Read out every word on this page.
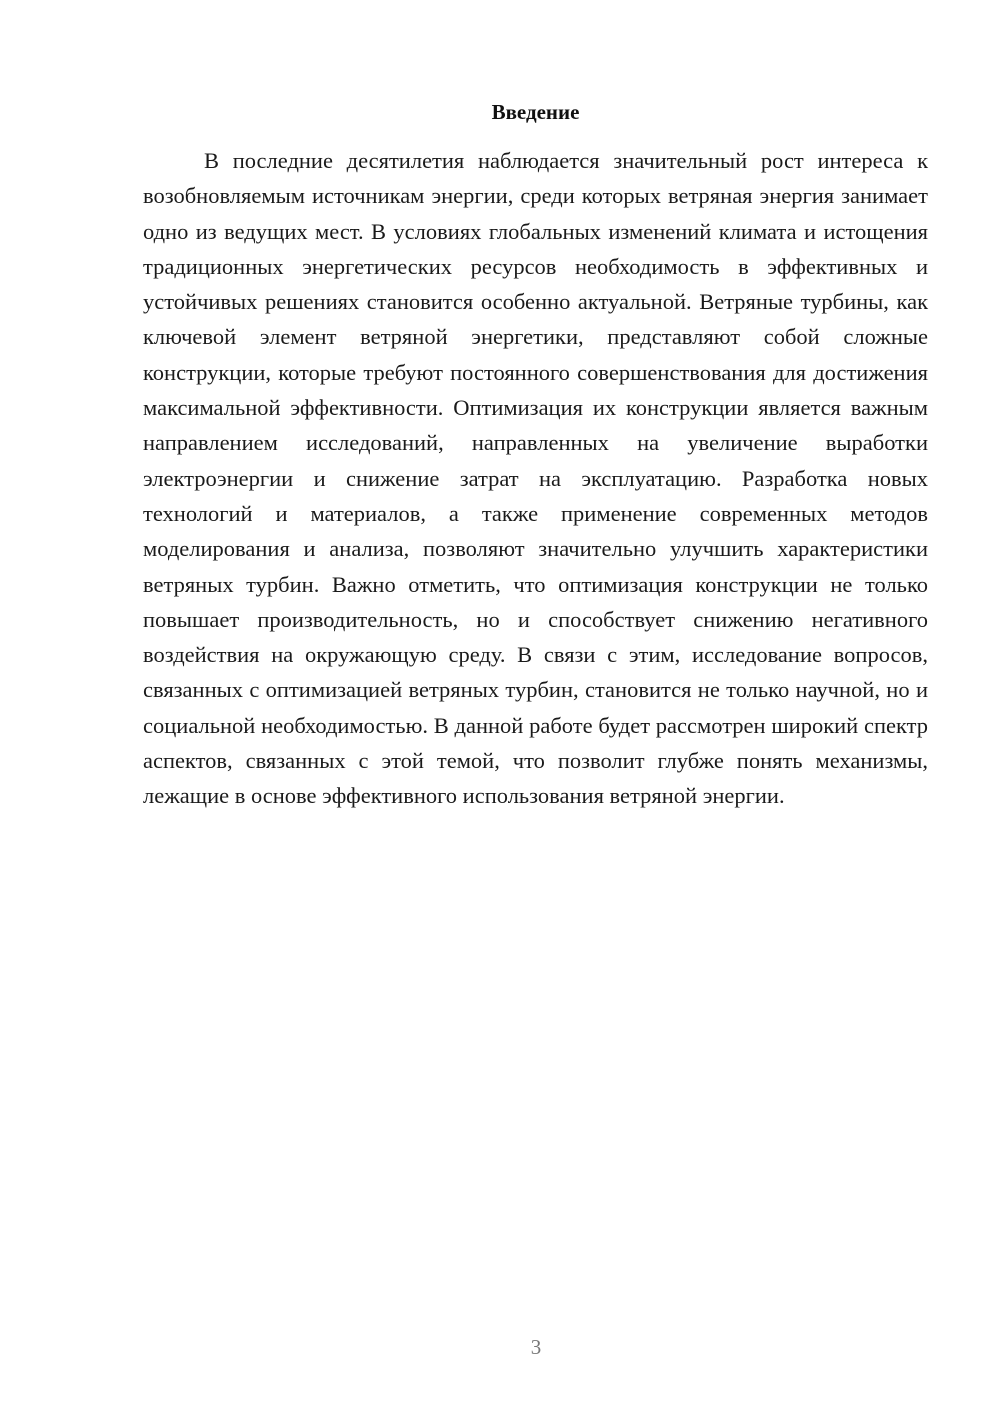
Введение

В последние десятилетия наблюдается значительный рост интереса к возобновляемым источникам энергии, среди которых ветряная энергия занимает одно из ведущих мест. В условиях глобальных изменений климата и истощения традиционных энергетических ресурсов необходимость в эффективных и устойчивых решениях становится особенно актуальной. Ветряные турбины, как ключевой элемент ветряной энергетики, представляют собой сложные конструкции, которые требуют постоянного совершенствования для достижения максимальной эффективности. Оптимизация их конструкции является важным направлением исследований, направленных на увеличение выработки электроэнергии и снижение затрат на эксплуатацию. Разработка новых технологий и материалов, а также применение современных методов моделирования и анализа, позволяют значительно улучшить характеристики ветряных турбин. Важно отметить, что оптимизация конструкции не только повышает производительность, но и способствует снижению негативного воздействия на окружающую среду. В связи с этим, исследование вопросов, связанных с оптимизацией ветряных турбин, становится не только научной, но и социальной необходимостью. В данной работе будет рассмотрен широкий спектр аспектов, связанных с этой темой, что позволит глубже понять механизмы, лежащие в основе эффективного использования ветряной энергии.

3
